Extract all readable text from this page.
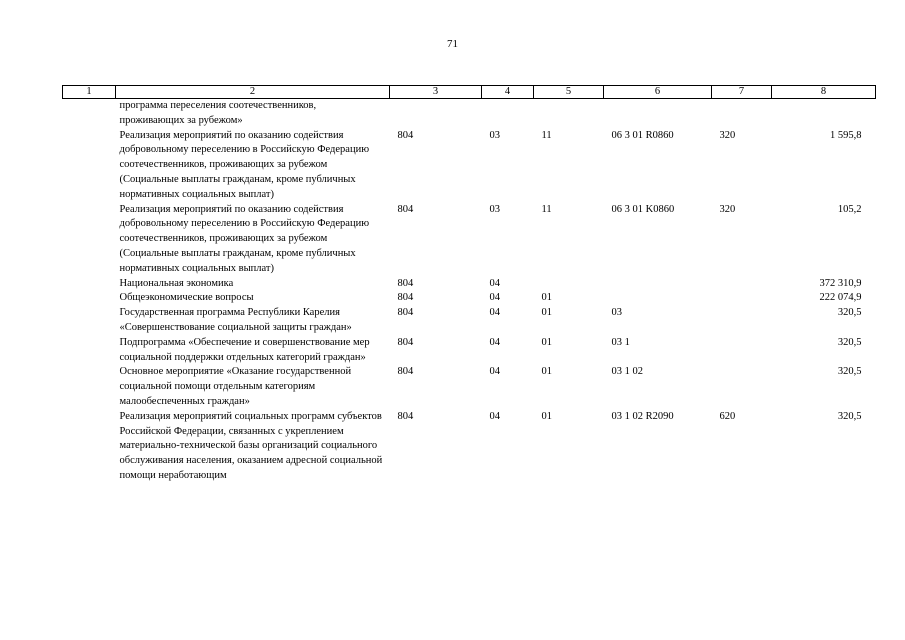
71
1	2	3	4	5	6	7	8
	программа переселения соотечественников, проживающих за рубежом»						
	Реализация мероприятий по оказанию содействия добровольному переселению в Российскую Федерацию соотечественников, проживающих за рубежом (Социальные выплаты гражданам, кроме публичных нормативных социальных выплат)	804	03	11	06 3 01 R0860	320	1 595,8
	Реализация мероприятий по оказанию содействия добровольному переселению в Российскую Федерацию соотечественников, проживающих за рубежом (Социальные выплаты гражданам, кроме публичных нормативных социальных выплат)	804	03	11	06 3 01 K0860	320	105,2
	Национальная экономика	804	04				372 310,9
	Общеэкономические вопросы	804	04	01			222 074,9
	Государственная программа Республики Карелия «Совершенствование социальной защиты граждан»	804	04	01	03		320,5
	Подпрограмма «Обеспечение и совершенствование мер социальной поддержки отдельных категорий граждан»	804	04	01	03 1		320,5
	Основное мероприятие «Оказание государственной социальной помощи отдельным категориям малообеспеченных граждан»	804	04	01	03 1 02		320,5
	Реализация мероприятий социальных программ субъектов Российской Федерации, связанных с укреплением материально-технической базы организаций социального обслуживания населения, оказанием адресной социальной помощи неработающим	804	04	01	03 1 02 R2090	620	320,5
